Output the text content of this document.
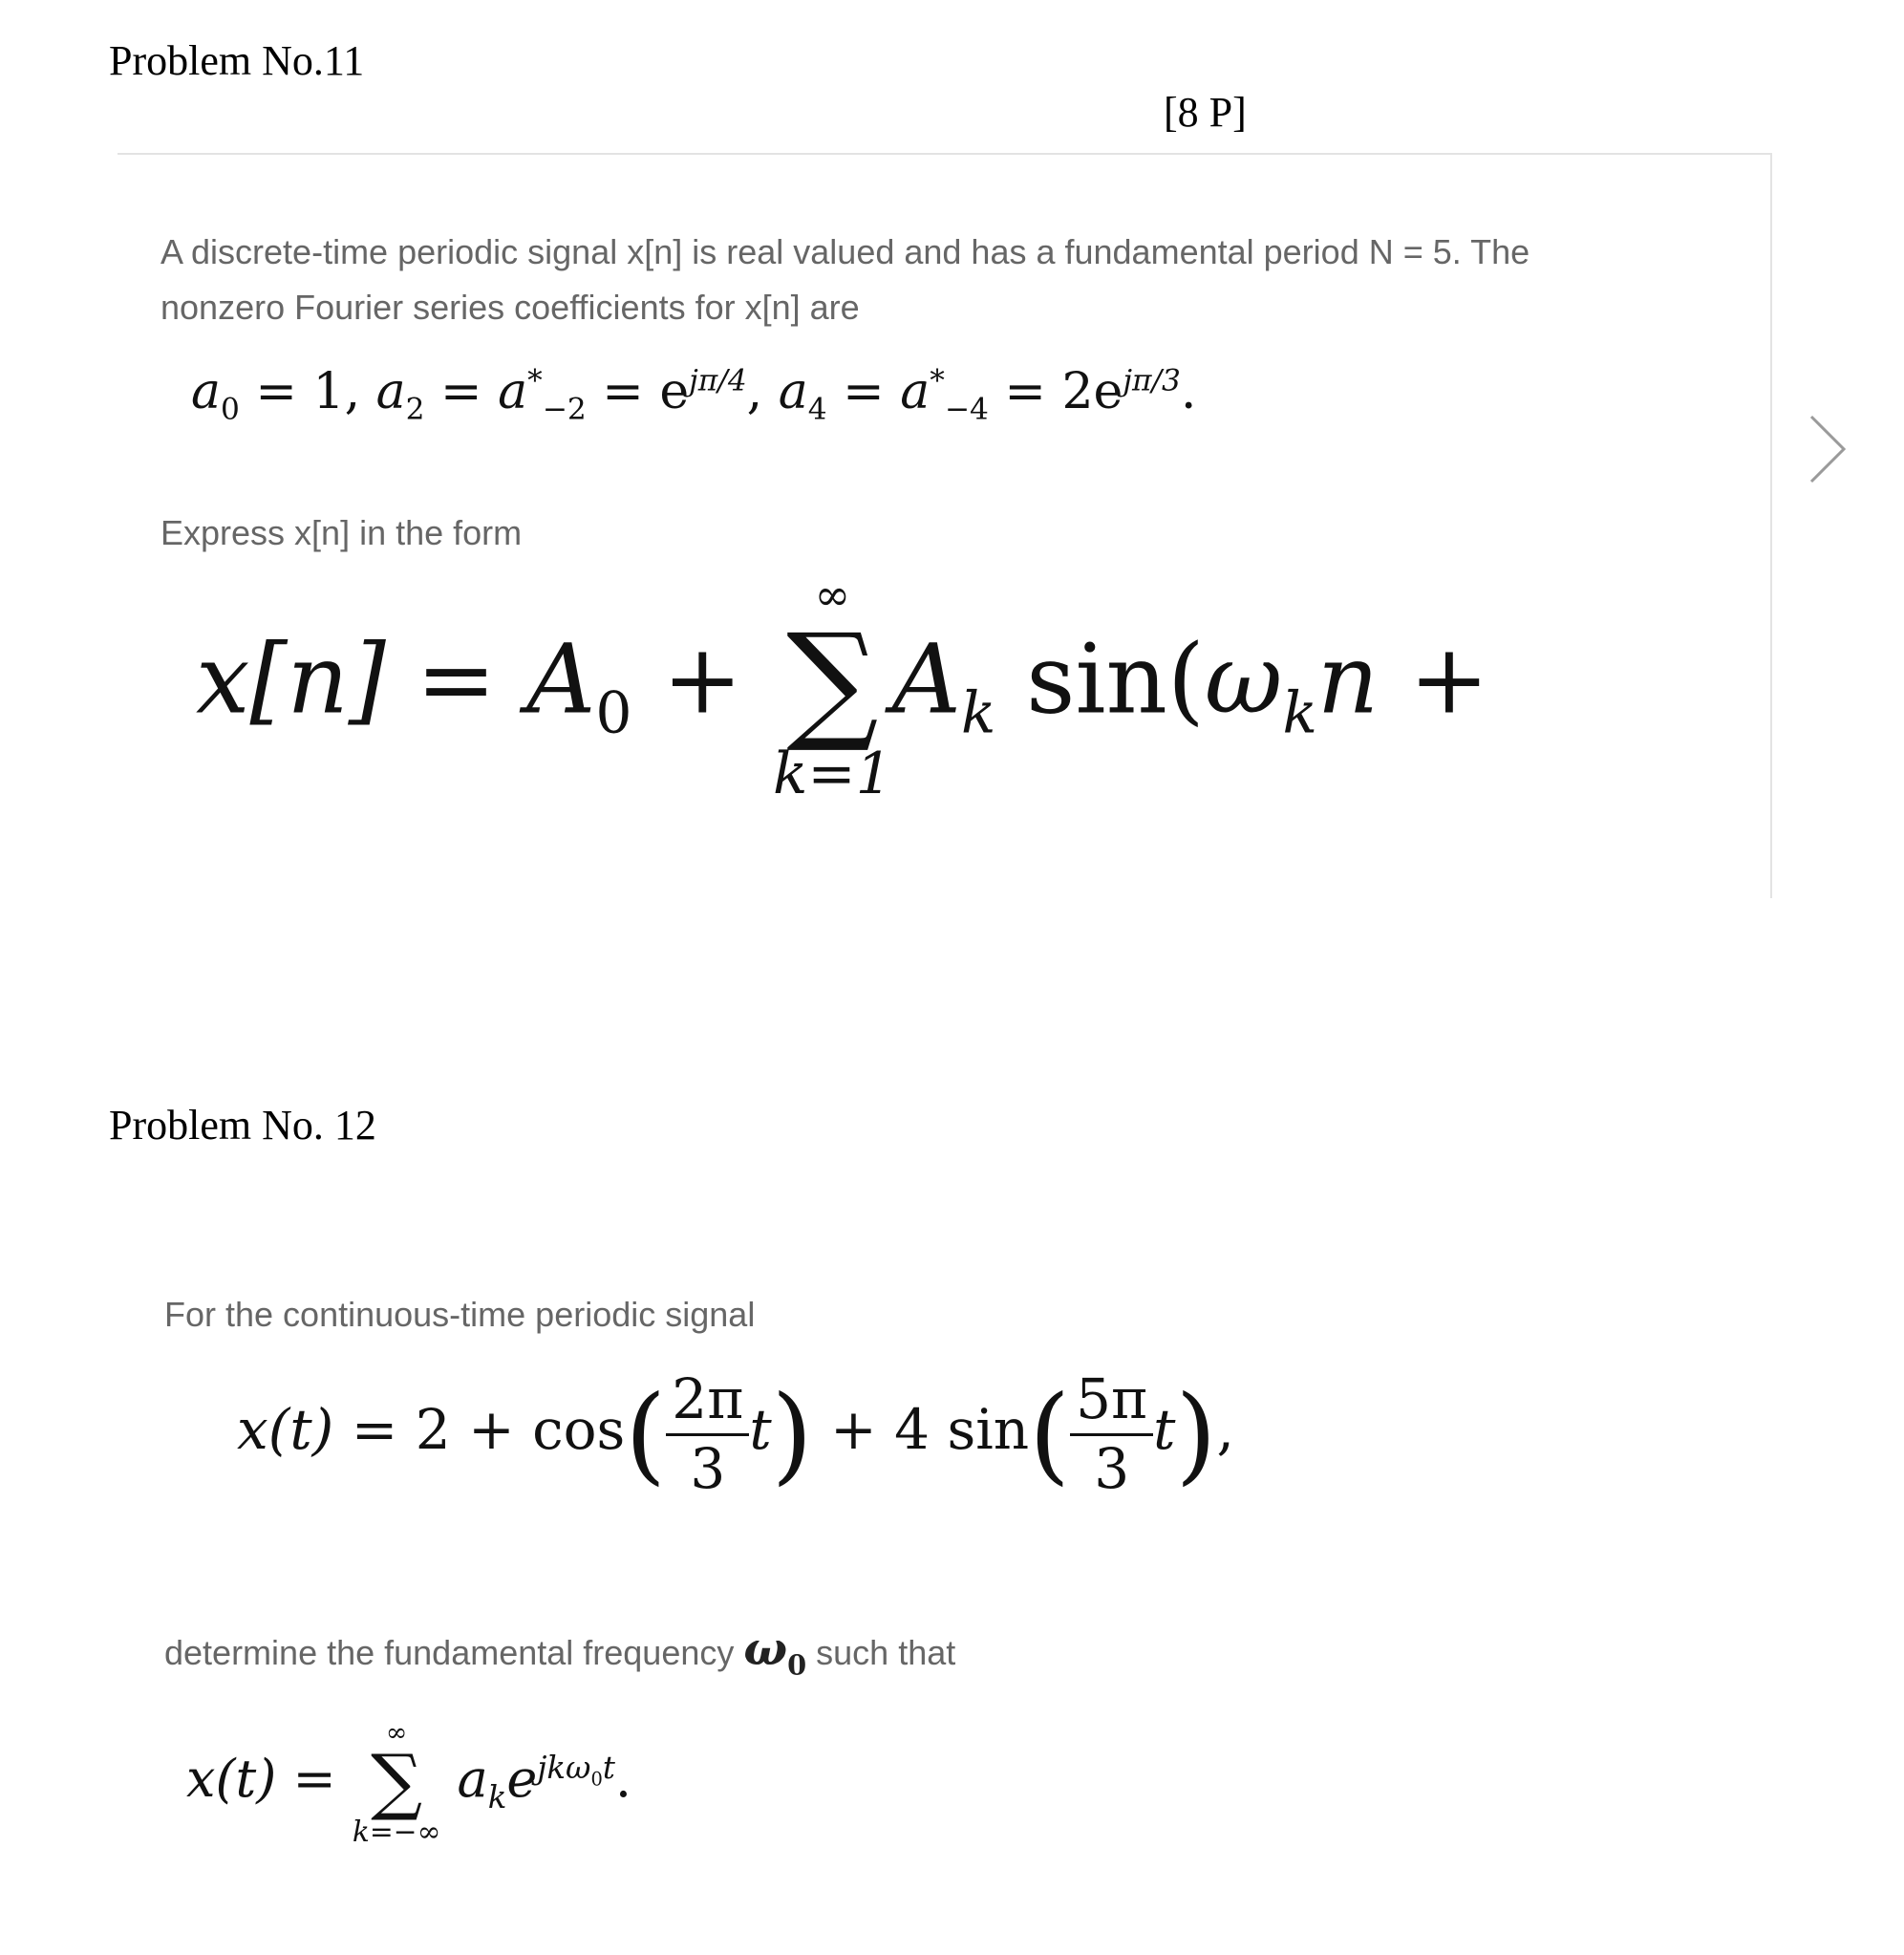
Problem No.11
[8 P]
A discrete-time periodic signal x[n] is real valued and has a fundamental period N = 5. The
nonzero Fourier series coefficients for x[n] are
$a_0 = 1$, $a_2 = a^*_{-2} = e^{j\pi/4}$, $a_4 = a^*_{-4} = 2e^{j\pi/3}$.
Express x[n] in the form
$x[n] = A_0$ +
∞
∑
k=1
$A_k$ $\sin(\omega_kn$ +
Problem No. 12
For the continuous-time periodic signal
$x(t) = 2 + \cos( \frac{2\pi}{3} t) + 4$ $\sin( \frac{5\pi}{3} t)$,
determine the fundamental frequency $\omega_0$ such that
x(t) =
∞
∑
k=−∞
$a_ke^{jk\omega_0t}$.
